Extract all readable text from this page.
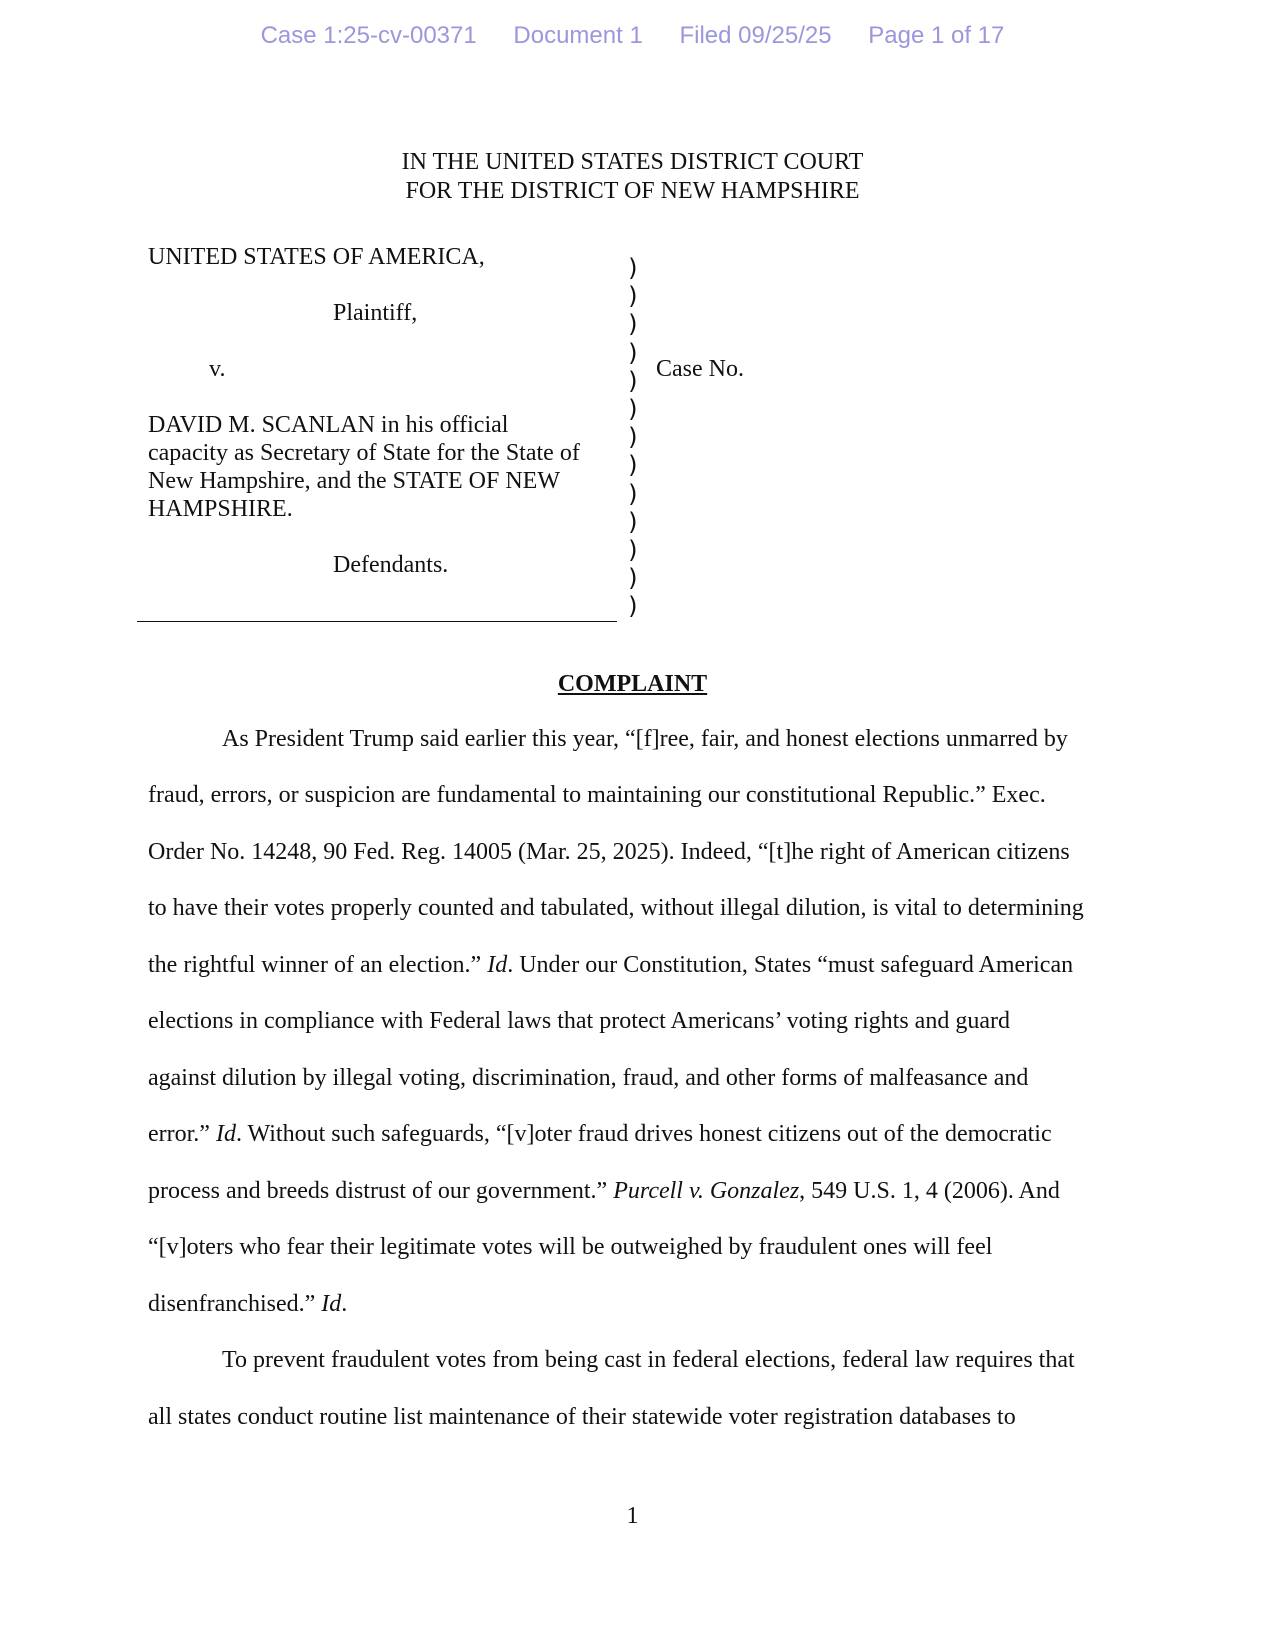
Case 1:25-cv-00371 Document 1 Filed 09/25/25 Page 1 of 17
IN THE UNITED STATES DISTRICT COURT
FOR THE DISTRICT OF NEW HAMPSHIRE
UNITED STATES OF AMERICA,
Plaintiff,
v.
DAVID M. SCANLAN in his official
capacity as Secretary of State for the State of
New Hampshire, and the STATE OF NEW
HAMPSHIRE.
Defendants.
)
)
)
)
)
)
)
)
)
)
)
)
)
Case No.
COMPLAINT
As President Trump said earlier this year, “[f]ree, fair, and honest elections unmarred by
fraud, errors, or suspicion are fundamental to maintaining our constitutional Republic.” Exec.
Order No. 14248, 90 Fed. Reg. 14005 (Mar. 25, 2025). Indeed, “[t]he right of American citizens
to have their votes properly counted and tabulated, without illegal dilution, is vital to determining
the rightful winner of an election.” Id. Under our Constitution, States “must safeguard American
elections in compliance with Federal laws that protect Americans’ voting rights and guard
against dilution by illegal voting, discrimination, fraud, and other forms of malfeasance and
error.” Id. Without such safeguards, “[v]oter fraud drives honest citizens out of the democratic
process and breeds distrust of our government.” Purcell v. Gonzalez, 549 U.S. 1, 4 (2006). And
“[v]oters who fear their legitimate votes will be outweighed by fraudulent ones will feel
disenfranchised.” Id.
To prevent fraudulent votes from being cast in federal elections, federal law requires that
all states conduct routine list maintenance of their statewide voter registration databases to
1
